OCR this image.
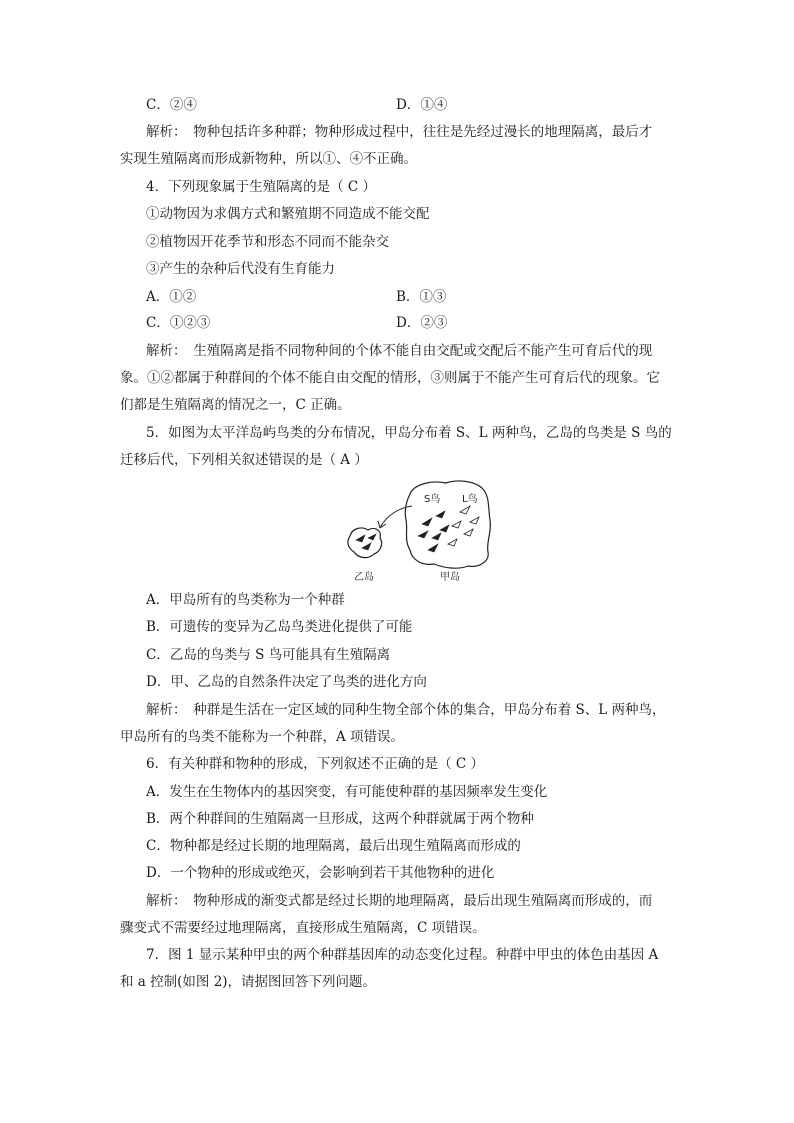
C．②④	D．①④
解析：　物种包括许多种群；物种形成过程中，往往是先经过漫长的地理隔离，最后才
实现生殖隔离而形成新物种，所以①、④不正确。
4．下列现象属于生殖隔离的是（ C ）
①动物因为求偶方式和繁殖期不同造成不能交配
②植物因开花季节和形态不同而不能杂交
③产生的杂种后代没有生育能力
A．①②	B．①③
C．①②③	D．②③
解析：　生殖隔离是指不同物种间的个体不能自由交配或交配后不能产生可育后代的现
象。①②都属于种群间的个体不能自由交配的情形，③则属于不能产生可育后代的现象。它
们都是生殖隔离的情况之一，C 正确。
5．如图为太平洋岛屿鸟类的分布情况，甲岛分布着 S、L 两种鸟，乙岛的鸟类是 S 鸟的
迁移后代，下列相关叙述错误的是（ A ）
S鸟 L鸟
乙岛	甲岛
A．甲岛所有的鸟类称为一个种群
B．可遗传的变异为乙岛鸟类进化提供了可能
C．乙岛的鸟类与 S 鸟可能具有生殖隔离
D．甲、乙岛的自然条件决定了鸟类的进化方向
解析：　种群是生活在一定区域的同种生物全部个体的集合，甲岛分布着 S、L 两种鸟，
甲岛所有的鸟类不能称为一个种群，A 项错误。
6．有关种群和物种的形成，下列叙述不正确的是（ C ）
A．发生在生物体内的基因突变，有可能使种群的基因频率发生变化
B．两个种群间的生殖隔离一旦形成，这两个种群就属于两个物种
C．物种都是经过长期的地理隔离，最后出现生殖隔离而形成的
D．一个物种的形成或绝灭，会影响到若干其他物种的进化
解析：　物种形成的渐变式都是经过长期的地理隔离，最后出现生殖隔离而形成的，而
骤变式不需要经过地理隔离，直接形成生殖隔离，C 项错误。
7．图 1 显示某种甲虫的两个种群基因库的动态变化过程。种群中甲虫的体色由基因 A
和 a 控制(如图 2)，请据图回答下列问题。
